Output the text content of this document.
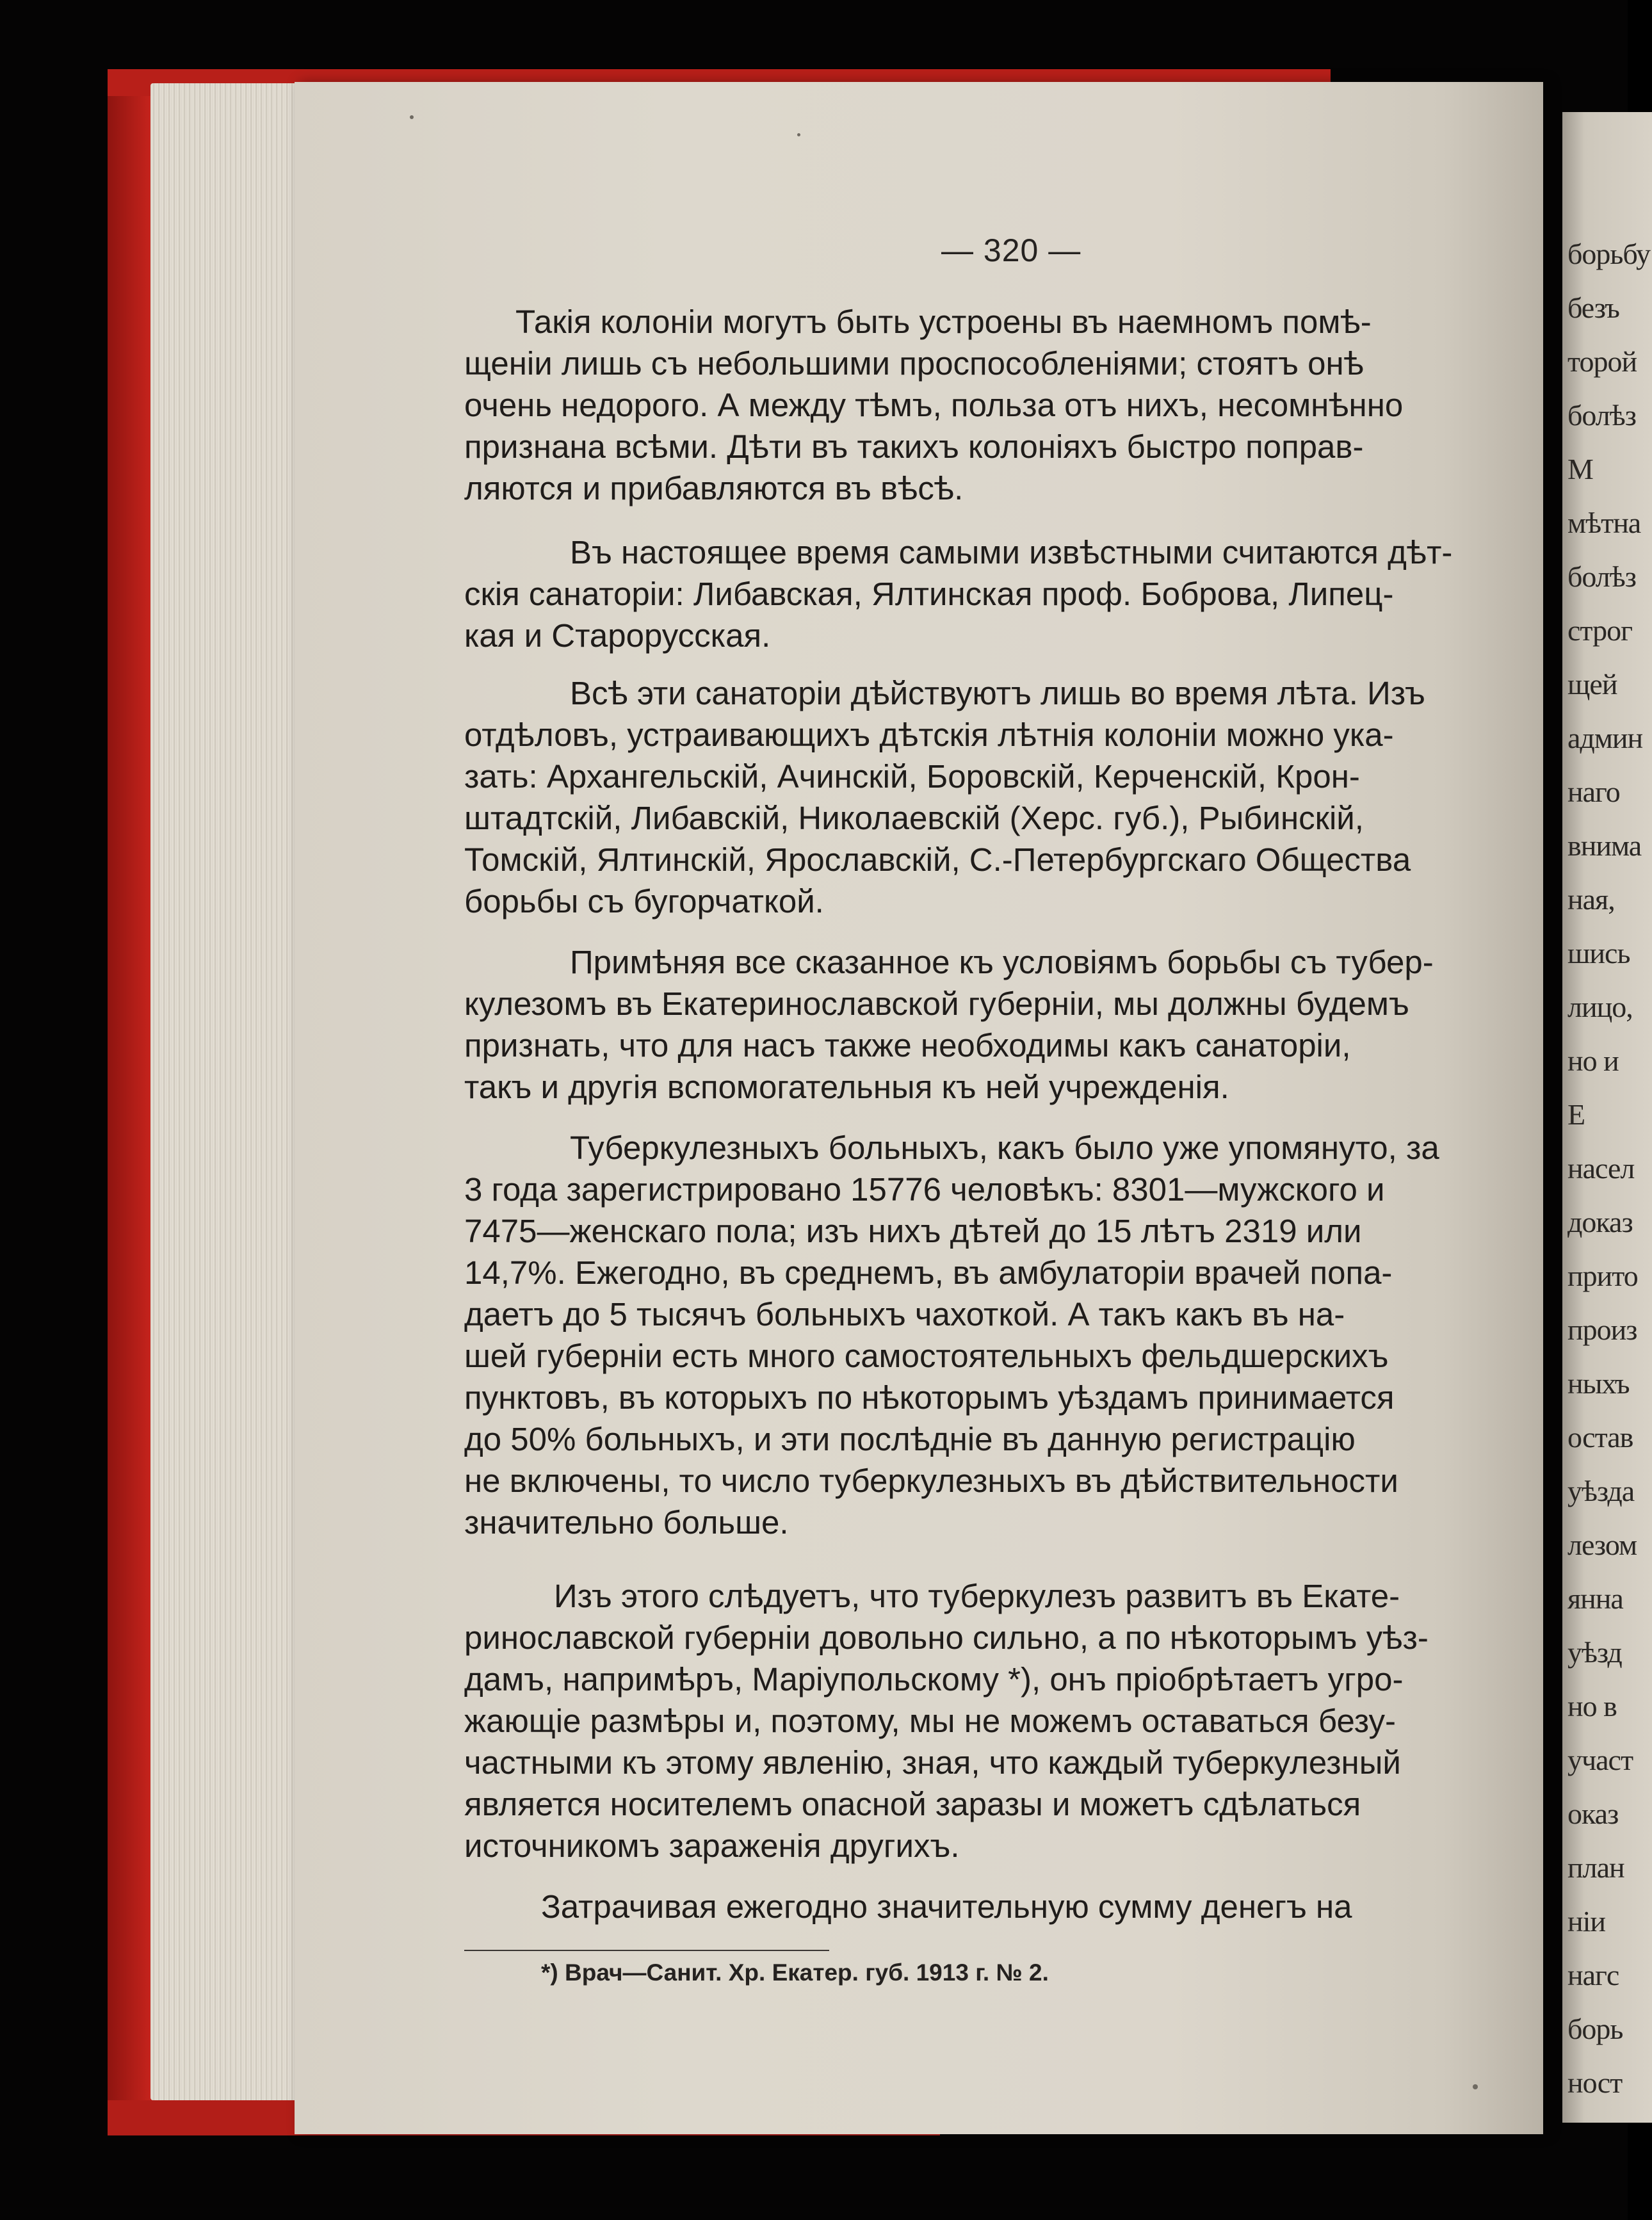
борьбу
безъ
торой
болѣз
М
мѣтна
болѣз
строг
щей
админ
наго
внима
ная,
шись
лицо,
но и
Е
насел
доказ
прито
произ
ныхъ
остав
уѣзда
лезом
янна
уѣзд
но в
участ
оказ
план
ніи
нагс
борь
ност
— 320 —
Такія колоніи могутъ быть устроены въ наемномъ помѣ-
щеніи лишь съ небольшими проспособленіями; стоятъ онѣ
очень недорого. А между тѣмъ, польза отъ нихъ, несомнѣнно
признана всѣми. Дѣти въ такихъ колоніяхъ быстро поправ-
ляются и прибавляются въ вѣсѣ.
Въ настоящее время самыми извѣстными считаются дѣт-
скія санаторіи: Либавская, Ялтинская проф. Боброва, Липец-
кая и Старорусская.
Всѣ эти санаторіи дѣйствуютъ лишь во время лѣта. Изъ
отдѣловъ, устраивающихъ дѣтскія лѣтнія колоніи можно ука-
зать: Архангельскій, Ачинскій, Боровскій, Керченскій, Крон-
штадтскій, Либавскій, Николаевскій (Херс. губ.), Рыбинскій,
Томскій, Ялтинскій, Ярославскій, С.-Петербургскаго Общества
борьбы съ бугорчаткой.
Примѣняя все сказанное къ условіямъ борьбы съ тубер-
кулезомъ въ Екатеринославской губерніи, мы должны будемъ
признать, что для насъ также необходимы какъ санаторіи,
такъ и другія вспомогательныя къ ней учрежденія.
Туберкулезныхъ больныхъ, какъ было уже упомянуто, за
3 года зарегистрировано 15776 человѣкъ: 8301—мужского и
7475—женскаго пола; изъ нихъ дѣтей до 15 лѣтъ 2319 или
14,7%. Ежегодно, въ среднемъ, въ амбулаторіи врачей попа-
даетъ до 5 тысячъ больныхъ чахоткой. А такъ какъ въ на-
шей губерніи есть много самостоятельныхъ фельдшерскихъ
пунктовъ, въ которыхъ по нѣкоторымъ уѣздамъ принимается
до 50% больныхъ, и эти послѣдніе въ данную регистрацію
не включены, то число туберкулезныхъ въ дѣйствительности
значительно больше.
Изъ этого слѣдуетъ, что туберкулезъ развитъ въ Екате-
ринославской губерніи довольно сильно, а по нѣкоторымъ уѣз-
дамъ, напримѣръ, Маріупольскому *), онъ пріобрѣтаетъ угро-
жающіе размѣры и, поэтому, мы не можемъ оставаться безу-
частными къ этому явленію, зная, что каждый туберкулезный
является носителемъ опасной заразы и можетъ сдѣлаться
источникомъ зараженія другихъ.
Затрачивая ежегодно значительную сумму денегъ на
*) Врач—Санит. Хр. Екатер. губ. 1913 г. № 2.
